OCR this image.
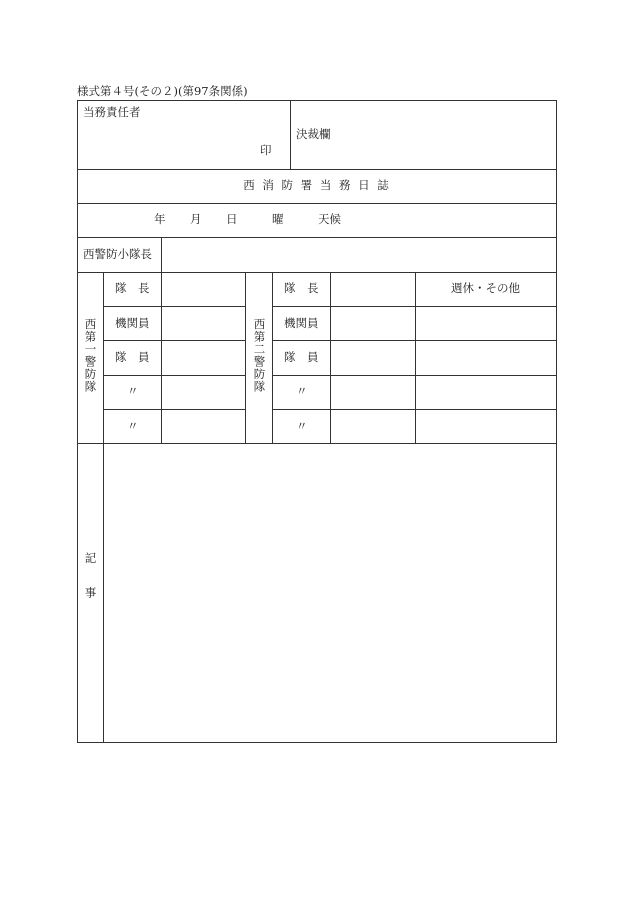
様式第４号(その２)(第97条関係)
当務責任者
印
決裁欄
西 消 防 署 当 務 日 誌
年 月 日	曜	天候
西警防小隊長
西第一警防隊
隊　長
機関員
隊　員
〃
〃
西第二警防隊
隊　長
機関員
隊　員
〃
〃
週休・その他
記　　事
